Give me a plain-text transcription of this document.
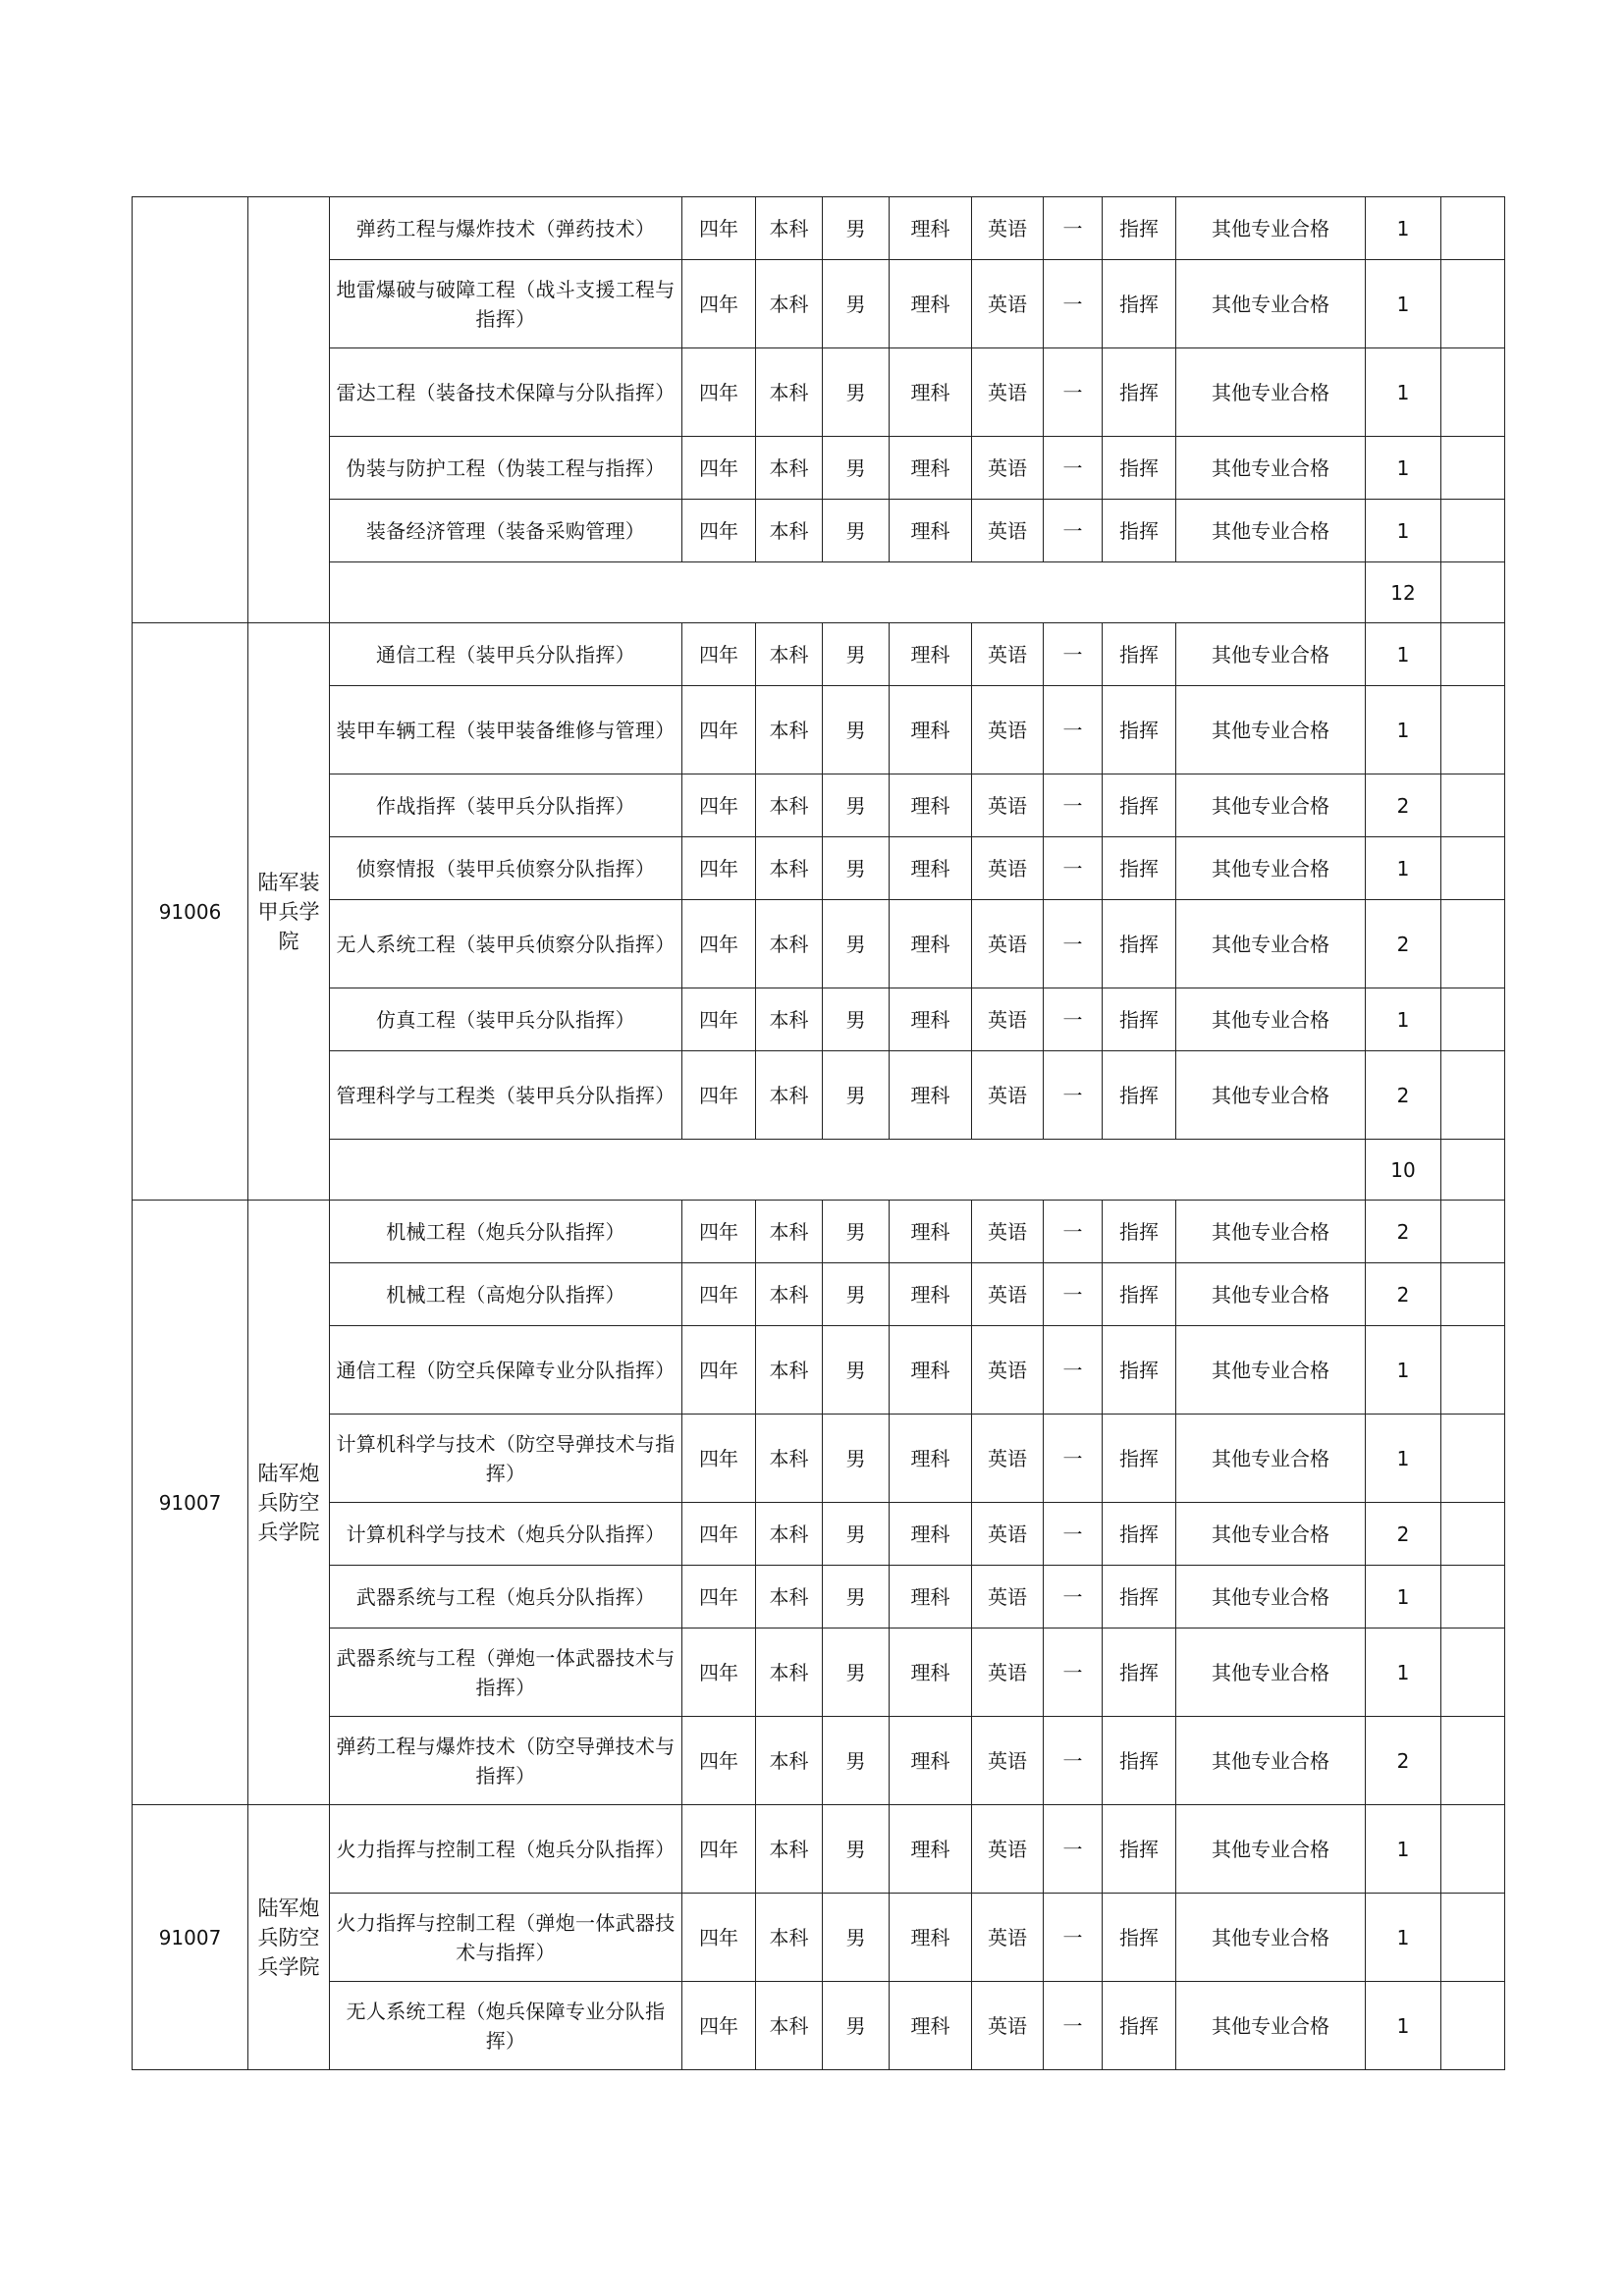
		弹药工程与爆炸技术（弹药技术）	四年	本科	男	理科	英语	一	指挥	其他专业合格	1	
		地雷爆破与破障工程（战斗支援工程与指挥）	四年	本科	男	理科	英语	一	指挥	其他专业合格	1	
		雷达工程（装备技术保障与分队指挥）	四年	本科	男	理科	英语	一	指挥	其他专业合格	1	
		伪装与防护工程（伪装工程与指挥）	四年	本科	男	理科	英语	一	指挥	其他专业合格	1	
		装备经济管理（装备采购管理）	四年	本科	男	理科	英语	一	指挥	其他专业合格	1	
											12	
91006	陆军装甲兵学院	通信工程（装甲兵分队指挥）	四年	本科	男	理科	英语	一	指挥	其他专业合格	1	
		装甲车辆工程（装甲装备维修与管理）	四年	本科	男	理科	英语	一	指挥	其他专业合格	1	
		作战指挥（装甲兵分队指挥）	四年	本科	男	理科	英语	一	指挥	其他专业合格	2	
		侦察情报（装甲兵侦察分队指挥）	四年	本科	男	理科	英语	一	指挥	其他专业合格	1	
		无人系统工程（装甲兵侦察分队指挥）	四年	本科	男	理科	英语	一	指挥	其他专业合格	2	
		仿真工程（装甲兵分队指挥）	四年	本科	男	理科	英语	一	指挥	其他专业合格	1	
		管理科学与工程类（装甲兵分队指挥）	四年	本科	男	理科	英语	一	指挥	其他专业合格	2	
											10	
91007	陆军炮兵防空兵学院	机械工程（炮兵分队指挥）	四年	本科	男	理科	英语	一	指挥	其他专业合格	2	
		机械工程（高炮分队指挥）	四年	本科	男	理科	英语	一	指挥	其他专业合格	2	
		通信工程（防空兵保障专业分队指挥）	四年	本科	男	理科	英语	一	指挥	其他专业合格	1	
		计算机科学与技术（防空导弹技术与指挥）	四年	本科	男	理科	英语	一	指挥	其他专业合格	1	
		计算机科学与技术（炮兵分队指挥）	四年	本科	男	理科	英语	一	指挥	其他专业合格	2	
		武器系统与工程（炮兵分队指挥）	四年	本科	男	理科	英语	一	指挥	其他专业合格	1	
		武器系统与工程（弹炮一体武器技术与指挥）	四年	本科	男	理科	英语	一	指挥	其他专业合格	1	
		弹药工程与爆炸技术（防空导弹技术与指挥）	四年	本科	男	理科	英语	一	指挥	其他专业合格	2	
91007	陆军炮兵防空兵学院	火力指挥与控制工程（炮兵分队指挥）	四年	本科	男	理科	英语	一	指挥	其他专业合格	1	
		火力指挥与控制工程（弹炮一体武器技术与指挥）	四年	本科	男	理科	英语	一	指挥	其他专业合格	1	
		无人系统工程（炮兵保障专业分队指挥）	四年	本科	男	理科	英语	一	指挥	其他专业合格	1	
